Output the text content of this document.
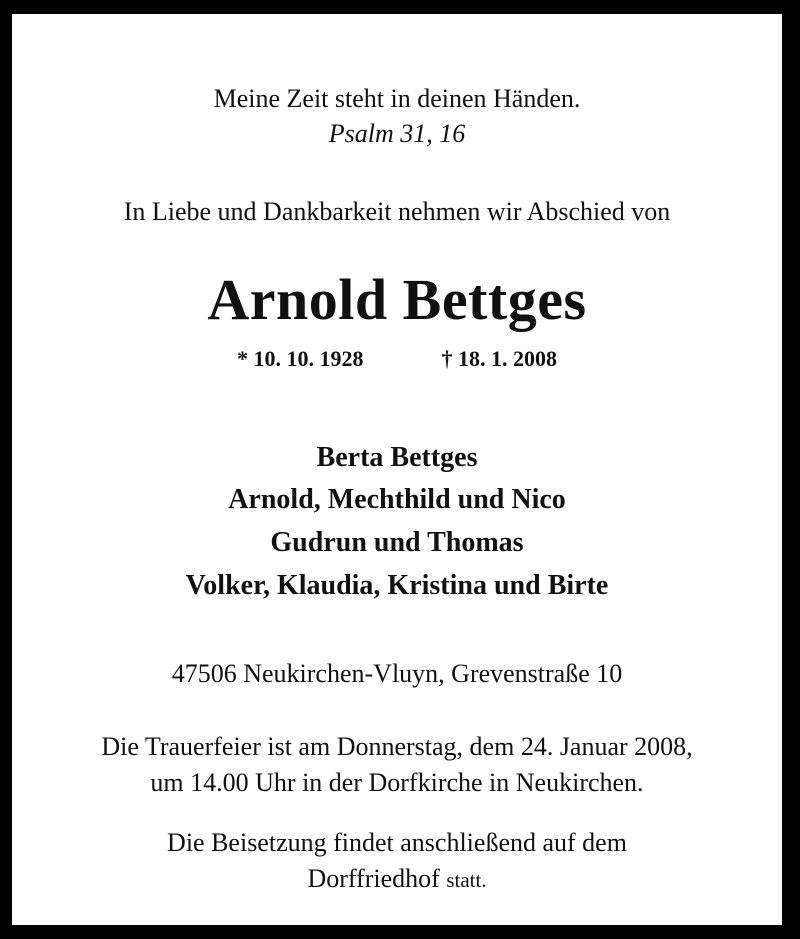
Meine Zeit steht in deinen Händen.
Psalm 31, 16
In Liebe und Dankbarkeit nehmen wir Abschied von
Arnold Bettges
* 10. 10. 1928	† 18. 1. 2008
Berta Bettges
Arnold, Mechthild und Nico
Gudrun und Thomas
Volker, Klaudia, Kristina und Birte
47506 Neukirchen-Vluyn, Grevenstraße 10
Die Trauerfeier ist am Donnerstag, dem 24. Januar 2008,
um 14.00 Uhr in der Dorfkirche in Neukirchen.
Die Beisetzung findet anschließend auf dem
Dorffriedhof statt.
